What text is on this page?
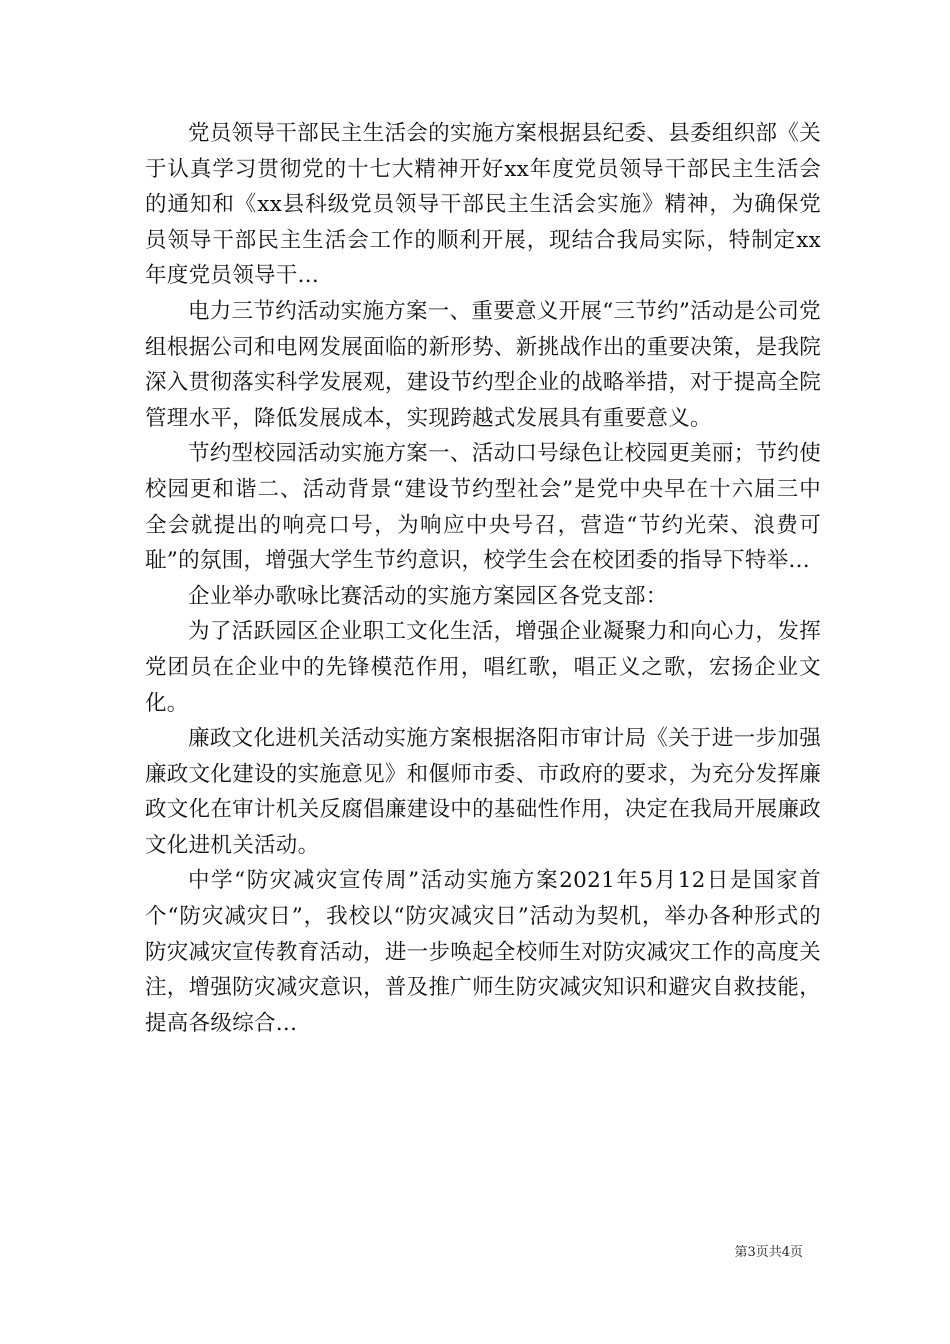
党员领导干部民主生活会的实施方案根据县纪委、县委组织部《关于认真学习贯彻党的十七大精神开好xx年度党员领导干部民主生活会的通知和《xx县科级党员领导干部民主生活会实施》精神，为确保党员领导干部民主生活会工作的顺利开展，现结合我局实际，特制定xx年度党员领导干...

电力三节约活动实施方案一、重要意义开展“三节约”活动是公司党组根据公司和电网发展面临的新形势、新挑战作出的重要决策，是我院深入贯彻落实科学发展观，建设节约型企业的战略举措，对于提高全院管理水平，降低发展成本，实现跨越式发展具有重要意义。

节约型校园活动实施方案一、活动口号绿色让校园更美丽；节约使校园更和谐二、活动背景“建设节约型社会”是党中央早在十六届三中全会就提出的响亮口号，为响应中央号召，营造“节约光荣、浪费可耻”的氛围，增强大学生节约意识，校学生会在校团委的指导下特举...

企业举办歌咏比赛活动的实施方案园区各党支部：

为了活跃园区企业职工文化生活，增强企业凝聚力和向心力，发挥党团员在企业中的先锋模范作用，唱红歌，唱正义之歌，宏扬企业文化。

廉政文化进机关活动实施方案根据洛阳市审计局《关于进一步加强廉政文化建设的实施意见》和偃师市委、市政府的要求，为充分发挥廉政文化在审计机关反腐倡廉建设中的基础性作用，决定在我局开展廉政文化进机关活动。

中学“防灾减灾宣传周”活动实施方案2021年5月12日是国家首个“防灾减灾日”，我校以“防灾减灾日”活动为契机，举办各种形式的防灾减灾宣传教育活动，进一步唤起全校师生对防灾减灾工作的高度关注，增强防灾减灾意识，普及推广师生防灾减灾知识和避灾自救技能，提高各级综合...

第3页共4页
